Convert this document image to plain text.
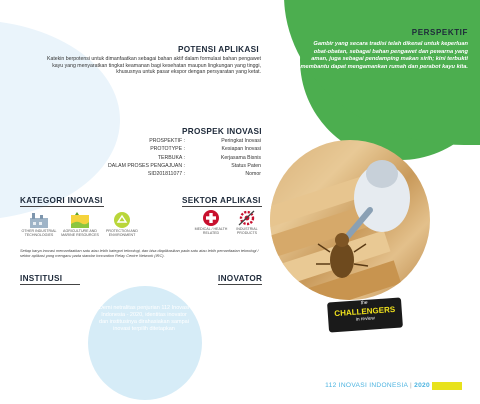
PERSPEKTIF
Gambir yang secara tradisi telah dikenal untuk keperluan obat-obatan, sebagai bahan pengawet dan pewarna yang aman, juga sebagai pendamping makan sirih; kini terbukti membantu dapat mengamankan rumah dan perabot kayu kita.
POTENSI APLIKASI
Katekin berpotensi untuk dimanfaatkan sebagai bahan aktif dalam formulasi bahan pengawet kayu yang menyaratkan tingkat keamanan bagi kesehatan maupun lingkungan yang tinggi, khususnya untuk pasar ekspor dengan persyaratan yang ketat.
PROSPEK INOVASI
PROSPEKTIF :	Peringkat Inovasi
PROTOTYPE :	Kesiapan Inovasi
TERBUKA :	Kerjasama Bisnis
DALAM PROSES PENGAJUAN :	Status Paten
SID201811077 :	Nomor
KATEGORI INOVASI
OTHER INDUSTRIAL TECHNOLOGIES
AGRICULTURE AND MARINE RESOURCES
PROTECTION AND ENVIRONMENT
SEKTOR APLIKASI
MEDICAL / HEALTH RELATED
INDUSTRIAL PRODUCTS
Setiap karya inovasi memanfaatkan satu atau lebih kategori teknologi, dan bisa diaplikasikan pada satu atau lebih pemanfaatan teknologi / sektor aplikasi yang mengacu pada standar Innovation Relay Centre Network (IRC).
INSTITUSI	INOVATOR
the
CHALLENGERS
in review
Demi netralitas penjurian 112 Inovasi Indonesia - 2020, identitas inovator dan institusinya dirahasiakan sampai inovasi terpilih ditetapkan
112 INOVASI INDONESIA | 2020
